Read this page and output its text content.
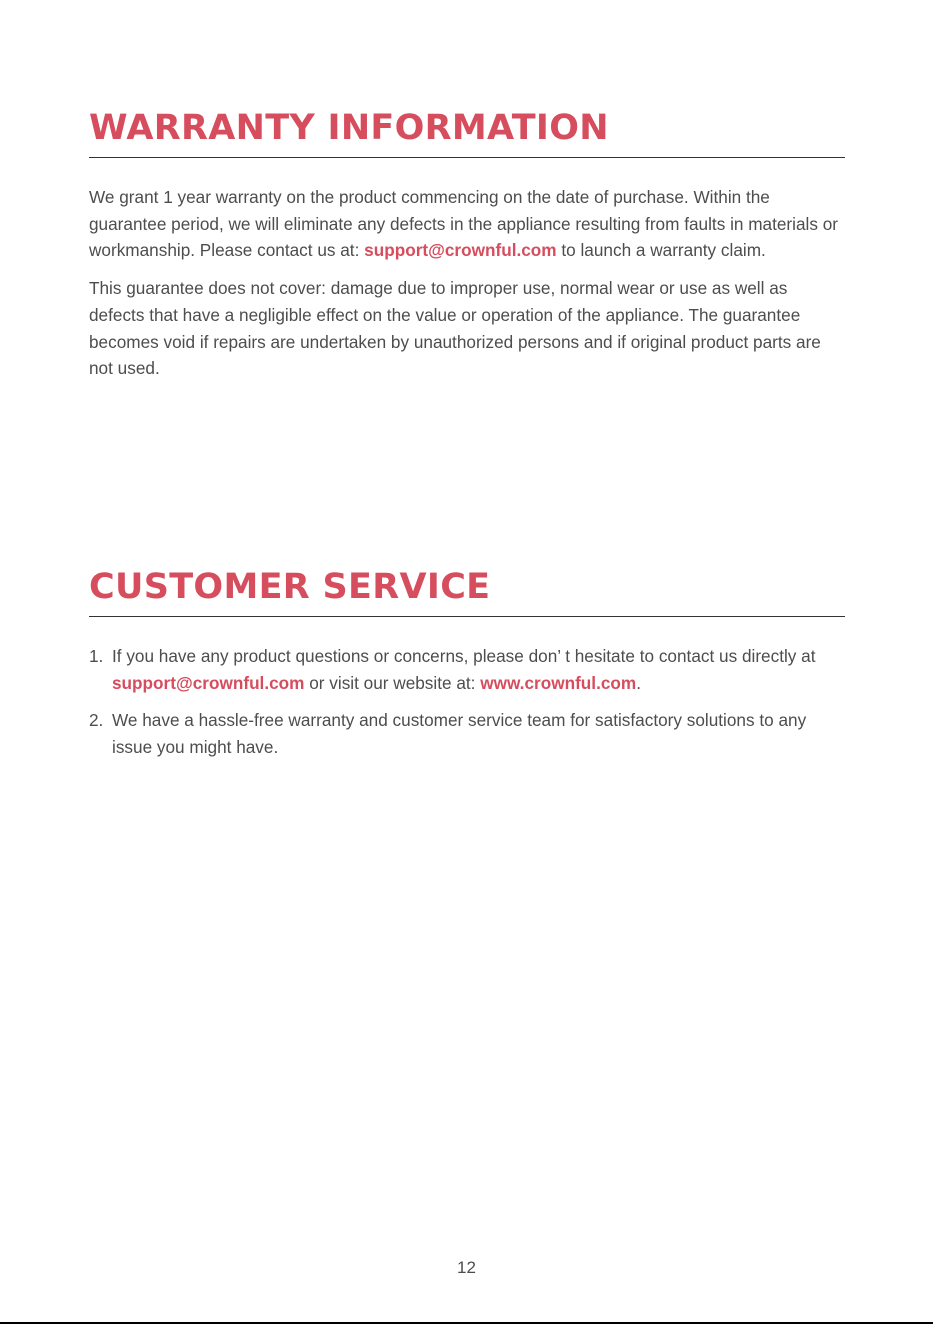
WARRANTY INFORMATION

We grant 1 year warranty on the product commencing on the date of purchase. Within the guarantee period, we will eliminate any defects in the appliance resulting from faults in materials or workmanship. Please contact us at: support@crownful.com to launch a warranty claim.

This guarantee does not cover: damage due to improper use, normal wear or use as well as defects that have a negligible effect on the value or operation of the appliance. The guarantee becomes void if repairs are undertaken by unauthorized persons and if original product parts are not used.

CUSTOMER SERVICE
1. If you have any product questions or concerns, please don’ t hesitate to contact us directly at support@crownful.com or visit our website at: www.crownful.com.
2. We have a hassle-free warranty and customer service team for satisfactory solutions to any issue you might have.
12
